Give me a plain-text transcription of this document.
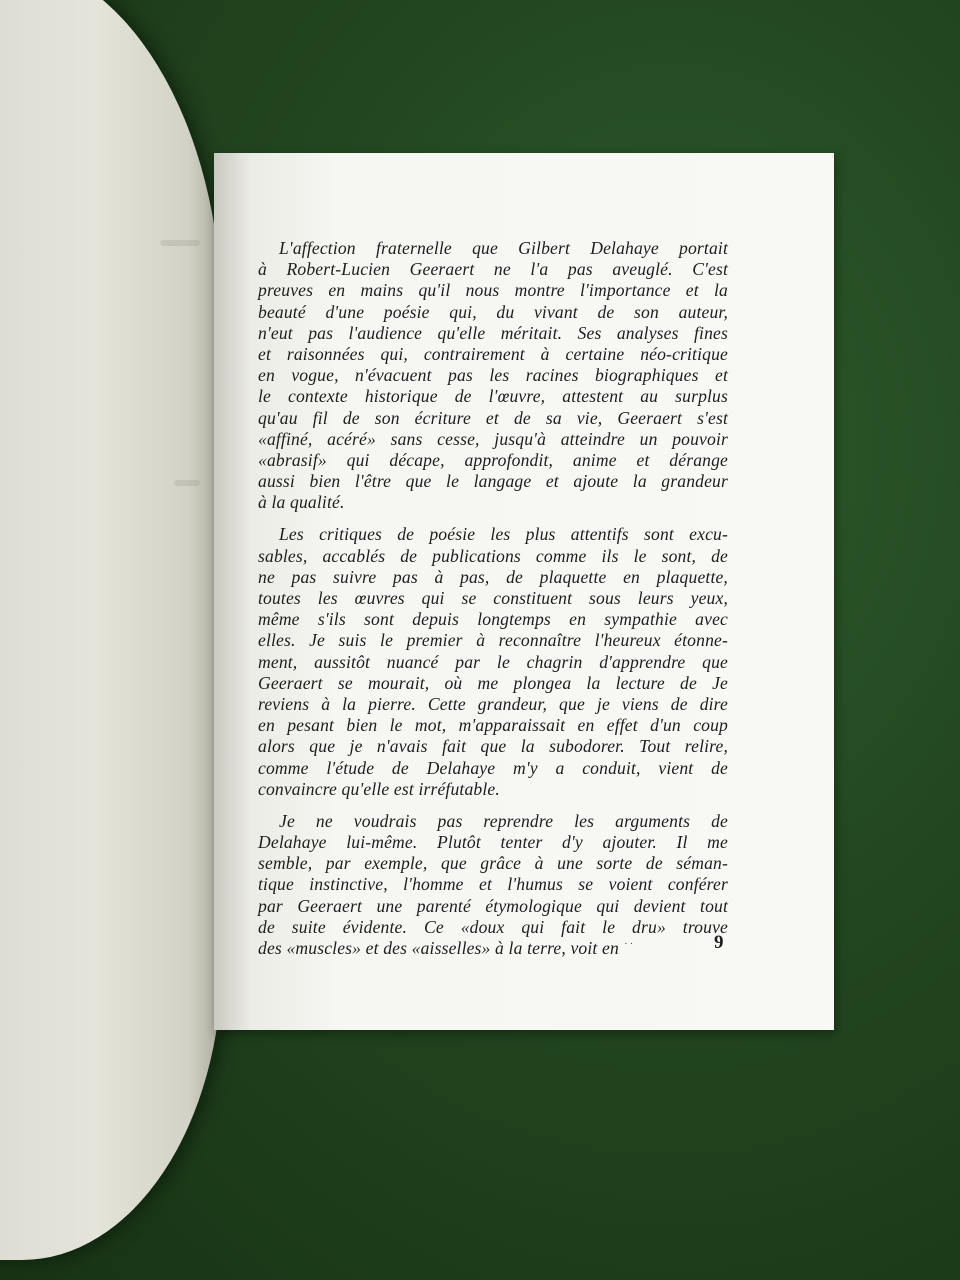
L'affection fraternelle que Gilbert Delahaye portait
à Robert-Lucien Geeraert ne l'a pas aveuglé. C'est
preuves en mains qu'il nous montre l'importance et la
beauté d'une poésie qui, du vivant de son auteur,
n'eut pas l'audience qu'elle méritait. Ses analyses fines
et raisonnées qui, contrairement à certaine néo-critique
en vogue, n'évacuent pas les racines biographiques et
le contexte historique de l'œuvre, attestent au surplus
qu'au fil de son écriture et de sa vie, Geeraert s'est
«affiné, acéré» sans cesse, jusqu'à atteindre un pouvoir
«abrasif» qui décape, approfondit, anime et dérange
aussi bien l'être que le langage et ajoute la grandeur
à la qualité.
Les critiques de poésie les plus attentifs sont excu-
sables, accablés de publications comme ils le sont, de
ne pas suivre pas à pas, de plaquette en plaquette,
toutes les œuvres qui se constituent sous leurs yeux,
même s'ils sont depuis longtemps en sympathie avec
elles. Je suis le premier à reconnaître l'heureux étonne-
ment, aussitôt nuancé par le chagrin d'apprendre que
Geeraert se mourait, où me plongea la lecture de Je
reviens à la pierre. Cette grandeur, que je viens de dire
en pesant bien le mot, m'apparaissait en effet d'un coup
alors que je n'avais fait que la subodorer. Tout relire,
comme l'étude de Delahaye m'y a conduit, vient de
convaincre qu'elle est irréfutable.
Je ne voudrais pas reprendre les arguments de
Delahaye lui-même. Plutôt tenter d'y ajouter. Il me
semble, par exemple, que grâce à une sorte de séman-
tique instinctive, l'homme et l'humus se voient conférer
par Geeraert une parenté étymologique qui devient tout
de suite évidente. Ce «doux qui fait le dru» trouve
des «muscles» et des «aisselles» à la terre, voit en ··	9
